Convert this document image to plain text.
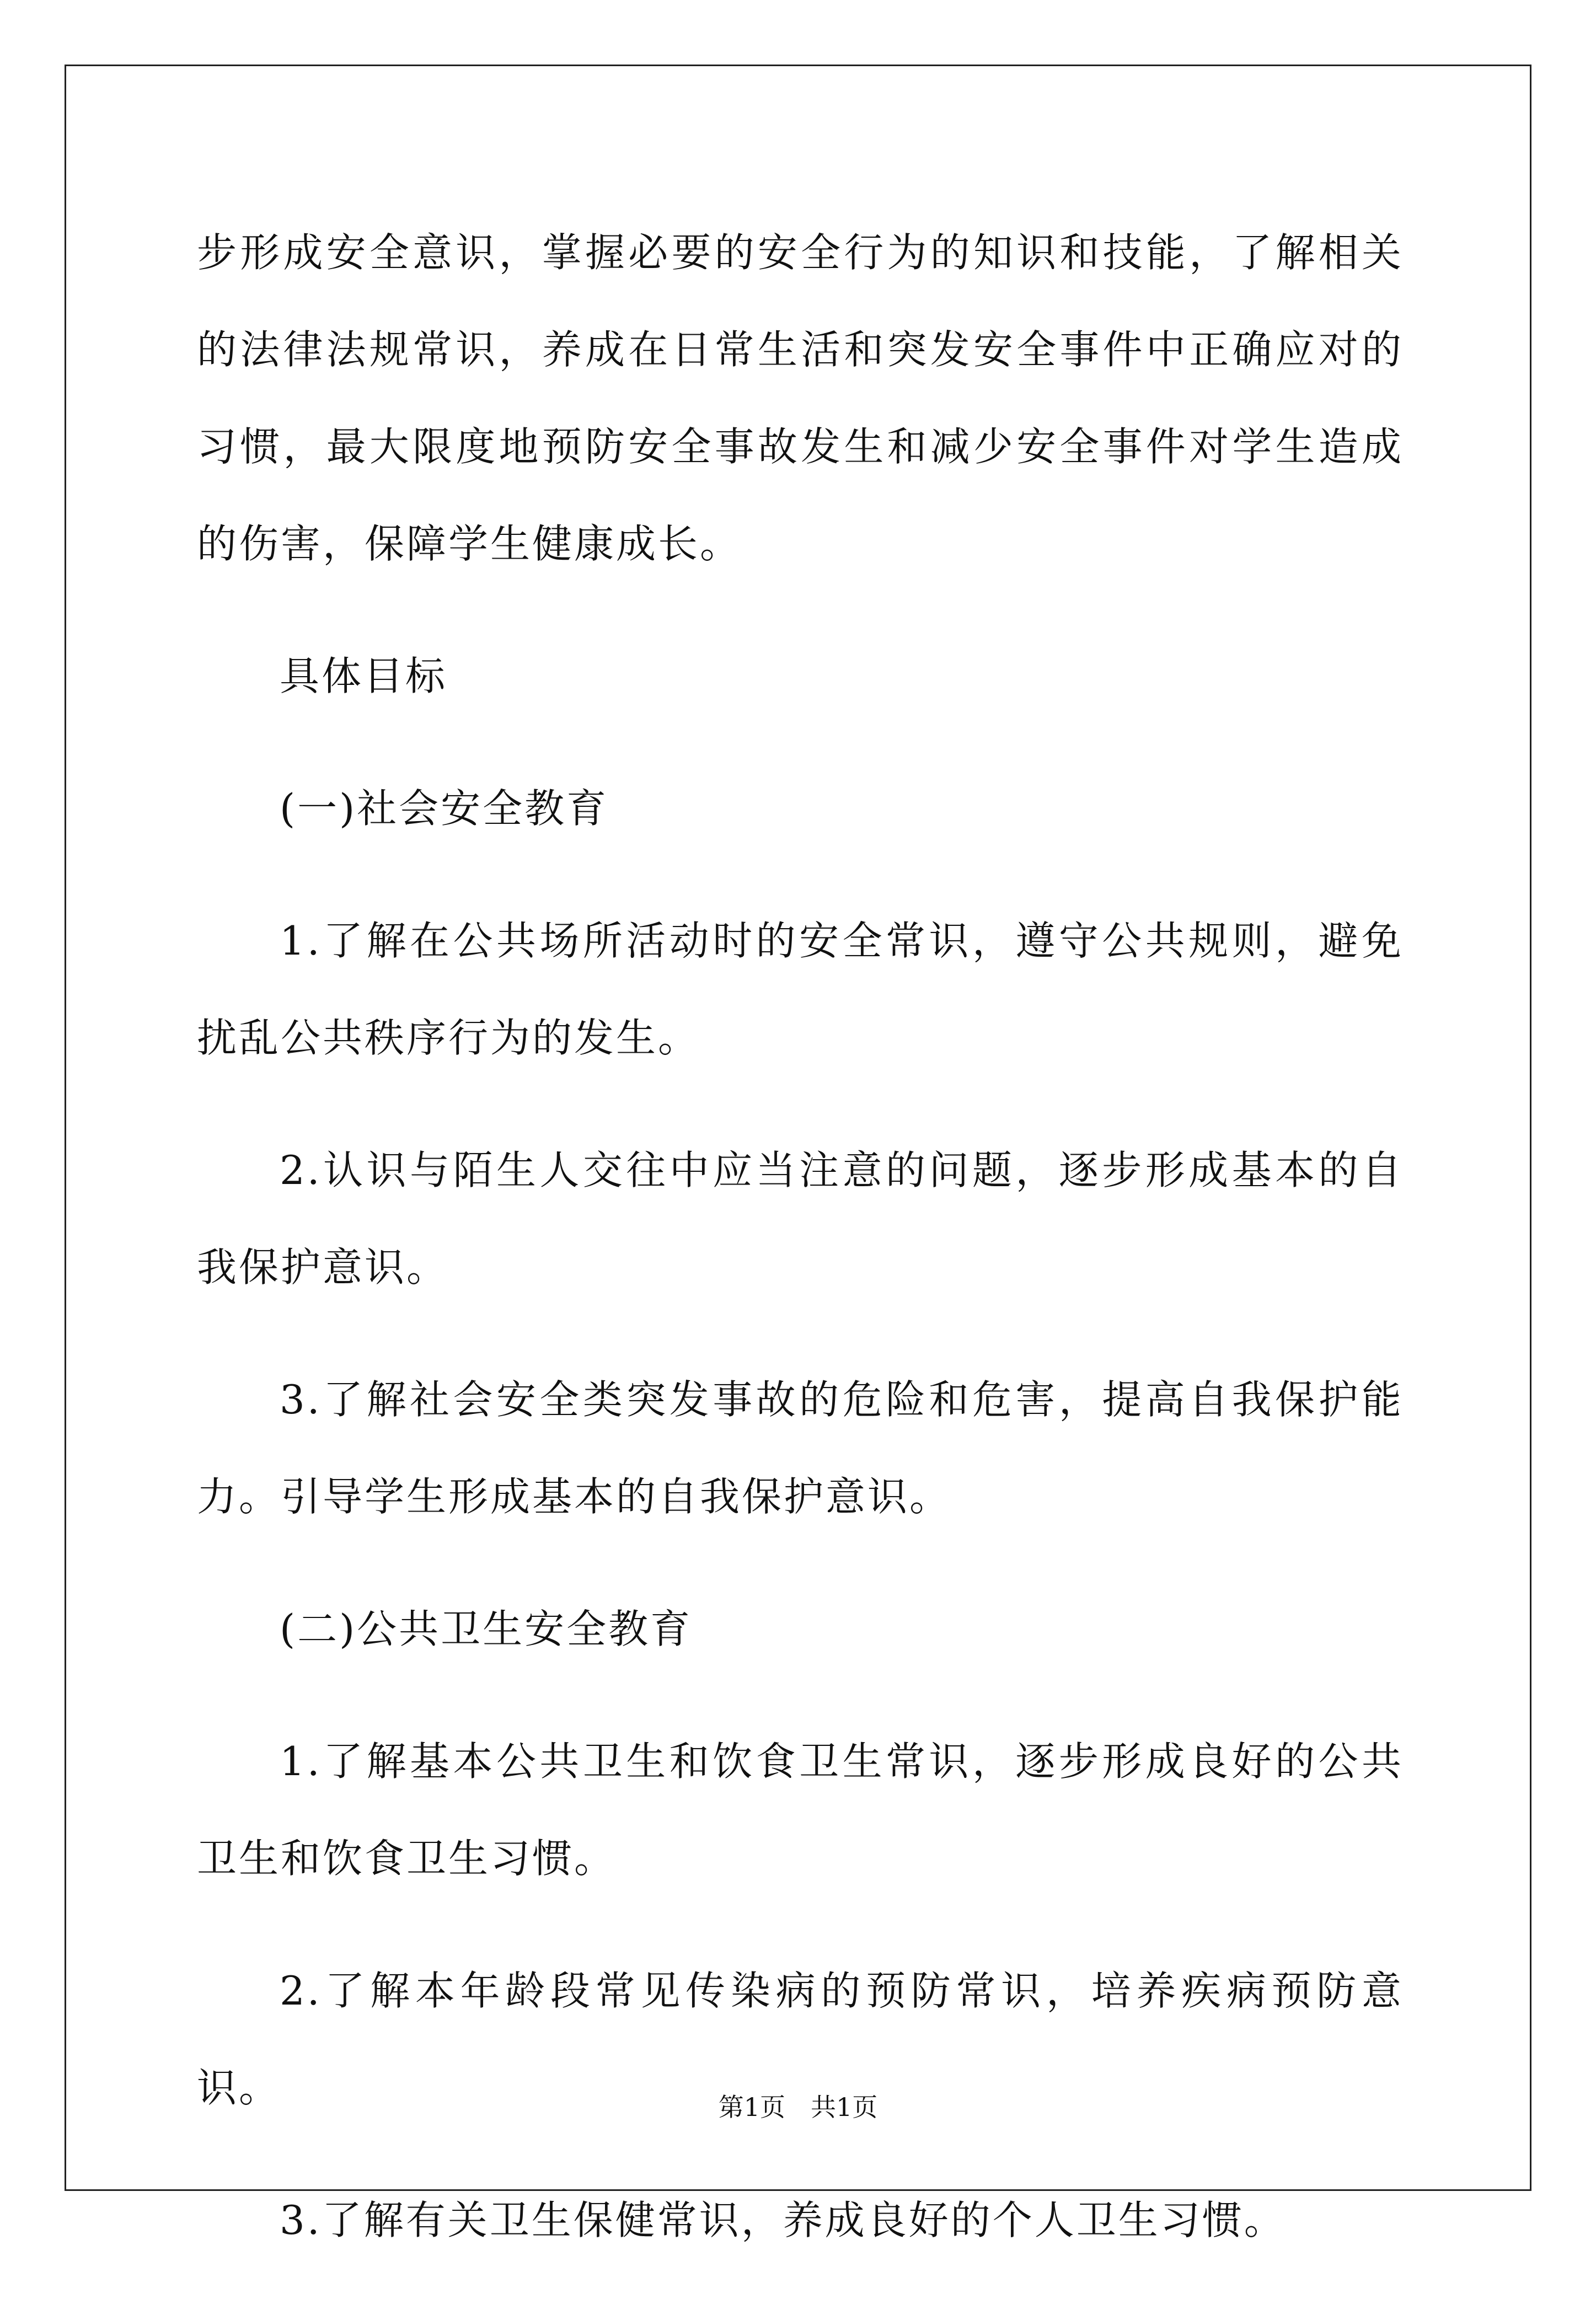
步形成安全意识，掌握必要的安全行为的知识和技能，了解相关的法律法规常识，养成在日常生活和突发安全事件中正确应对的习惯，最大限度地预防安全事故发生和减少安全事件对学生造成的伤害，保障学生健康成长。

具体目标

(一)社会安全教育

1.了解在公共场所活动时的安全常识，遵守公共规则，避免扰乱公共秩序行为的发生。

2.认识与陌生人交往中应当注意的问题，逐步形成基本的自我保护意识。

3.了解社会安全类突发事故的危险和危害，提高自我保护能力。引导学生形成基本的自我保护意识。

(二)公共卫生安全教育

1.了解基本公共卫生和饮食卫生常识，逐步形成良好的公共卫生和饮食卫生习惯。

2.了解本年龄段常见传染病的预防常识，培养疾病预防意识。

3.了解有关卫生保健常识，养成良好的个人卫生习惯。

第1页　共1页
